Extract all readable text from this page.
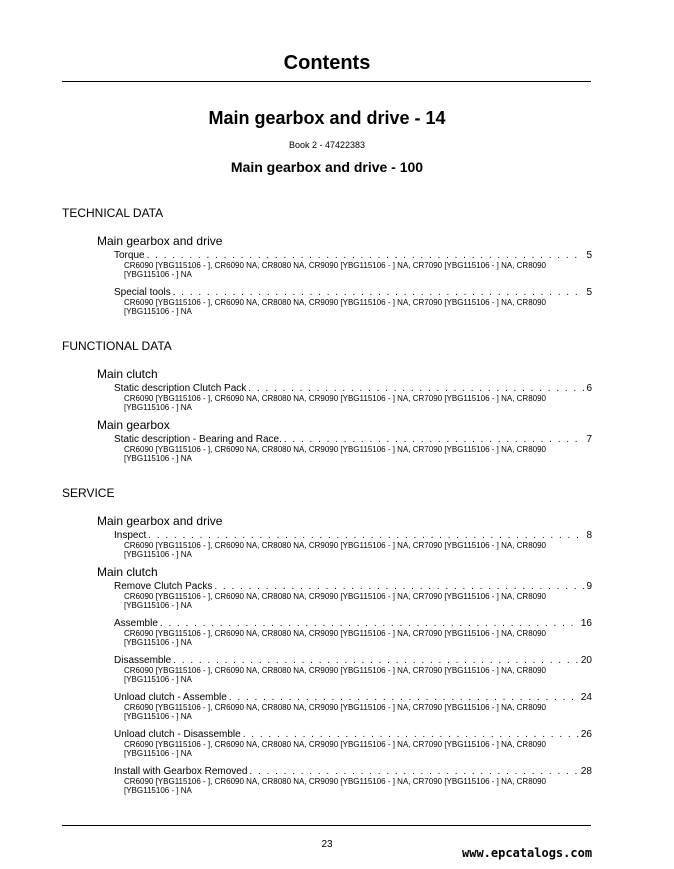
Contents
Main gearbox and drive - 14
Book 2 - 47422383
Main gearbox and drive - 100
TECHNICAL DATA
Main gearbox and drive
Torque . . .	5
CR6090 [YBG115106 - ], CR6090 NA, CR8080 NA, CR9090 [YBG115106 - ] NA, CR7090 [YBG115106 - ] NA, CR8090 [YBG115106 - ] NA
Special tools . . .	5
CR6090 [YBG115106 - ], CR6090 NA, CR8080 NA, CR9090 [YBG115106 - ] NA, CR7090 [YBG115106 - ] NA, CR8090 [YBG115106 - ] NA
FUNCTIONAL DATA
Main clutch
Static description Clutch Pack . . .	6
CR6090 [YBG115106 - ], CR6090 NA, CR8080 NA, CR9090 [YBG115106 - ] NA, CR7090 [YBG115106 - ] NA, CR8090 [YBG115106 - ] NA
Main gearbox
Static description - Bearing and Race. . . .	7
CR6090 [YBG115106 - ], CR6090 NA, CR8080 NA, CR9090 [YBG115106 - ] NA, CR7090 [YBG115106 - ] NA, CR8090 [YBG115106 - ] NA
SERVICE
Main gearbox and drive
Inspect . . .	8
CR6090 [YBG115106 - ], CR6090 NA, CR8080 NA, CR9090 [YBG115106 - ] NA, CR7090 [YBG115106 - ] NA, CR8090 [YBG115106 - ] NA
Main clutch
Remove Clutch Packs . . .	9
CR6090 [YBG115106 - ], CR6090 NA, CR8080 NA, CR9090 [YBG115106 - ] NA, CR7090 [YBG115106 - ] NA, CR8090 [YBG115106 - ] NA
Assemble . . .	16
CR6090 [YBG115106 - ], CR6090 NA, CR8080 NA, CR9090 [YBG115106 - ] NA, CR7090 [YBG115106 - ] NA, CR8090 [YBG115106 - ] NA
Disassemble . . .	20
CR6090 [YBG115106 - ], CR6090 NA, CR8080 NA, CR9090 [YBG115106 - ] NA, CR7090 [YBG115106 - ] NA, CR8090 [YBG115106 - ] NA
Unload clutch - Assemble . . .	24
CR6090 [YBG115106 - ], CR6090 NA, CR8080 NA, CR9090 [YBG115106 - ] NA, CR7090 [YBG115106 - ] NA, CR8090 [YBG115106 - ] NA
Unload clutch - Disassemble . . .	26
CR6090 [YBG115106 - ], CR6090 NA, CR8080 NA, CR9090 [YBG115106 - ] NA, CR7090 [YBG115106 - ] NA, CR8090 [YBG115106 - ] NA
Install with Gearbox Removed . . .	28
CR6090 [YBG115106 - ], CR6090 NA, CR8080 NA, CR9090 [YBG115106 - ] NA, CR7090 [YBG115106 - ] NA, CR8090 [YBG115106 - ] NA
23
www.epcatalogs.com
